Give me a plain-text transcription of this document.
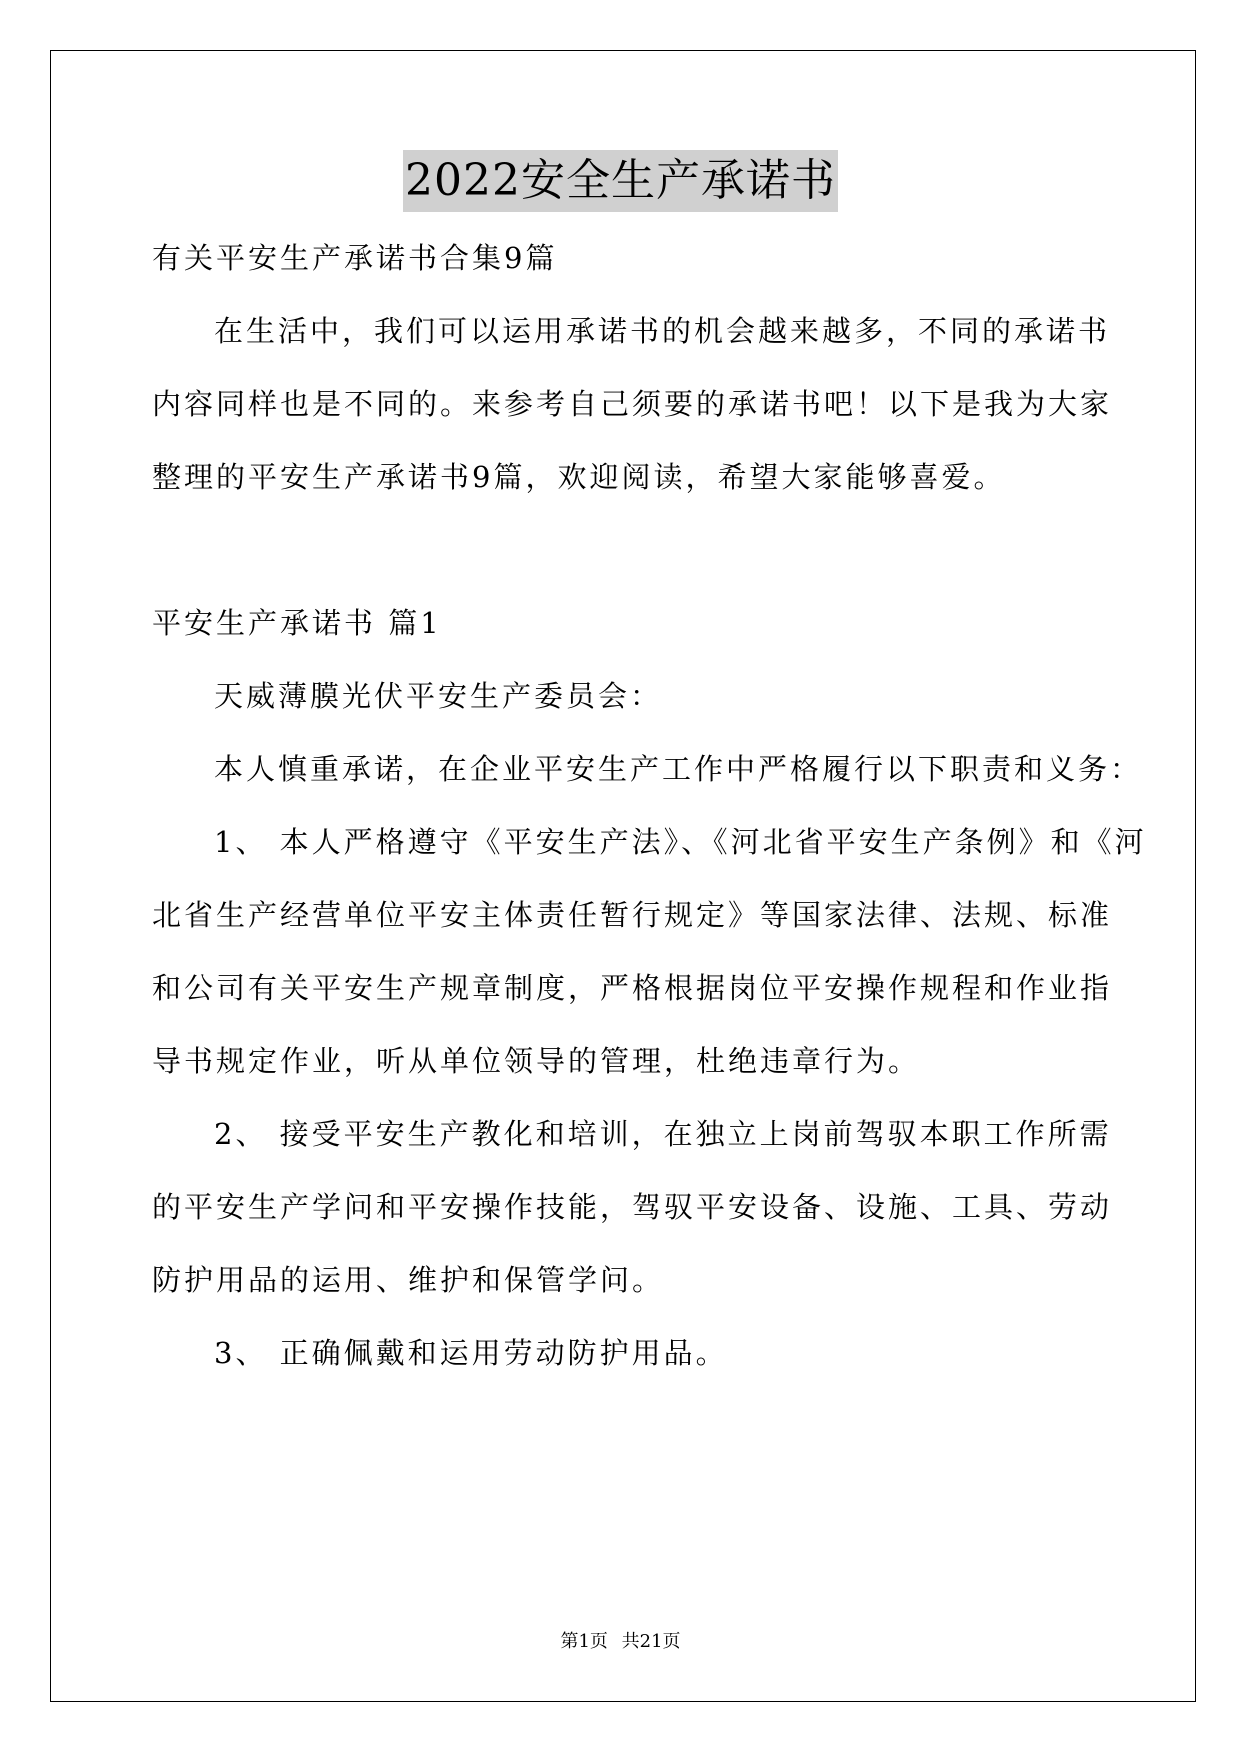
2022安全生产承诺书
有关平安生产承诺书合集9篇
在生活中，我们可以运用承诺书的机会越来越多，不同的承诺书
内容同样也是不同的。来参考自己须要的承诺书吧！以下是我为大家
整理的平安生产承诺书9篇，欢迎阅读，希望大家能够喜爱。
平安生产承诺书 篇1
天威薄膜光伏平安生产委员会：
本人慎重承诺，在企业平安生产工作中严格履行以下职责和义务：
1、 本人严格遵守《平安生产法》、《河北省平安生产条例》和《河
北省生产经营单位平安主体责任暂行规定》等国家法律、法规、标准
和公司有关平安生产规章制度，严格根据岗位平安操作规程和作业指
导书规定作业，听从单位领导的管理，杜绝违章行为。
2、 接受平安生产教化和培训，在独立上岗前驾驭本职工作所需
的平安生产学问和平安操作技能，驾驭平安设备、设施、工具、劳动
防护用品的运用、维护和保管学问。
3、 正确佩戴和运用劳动防护用品。
第1页 共21页
